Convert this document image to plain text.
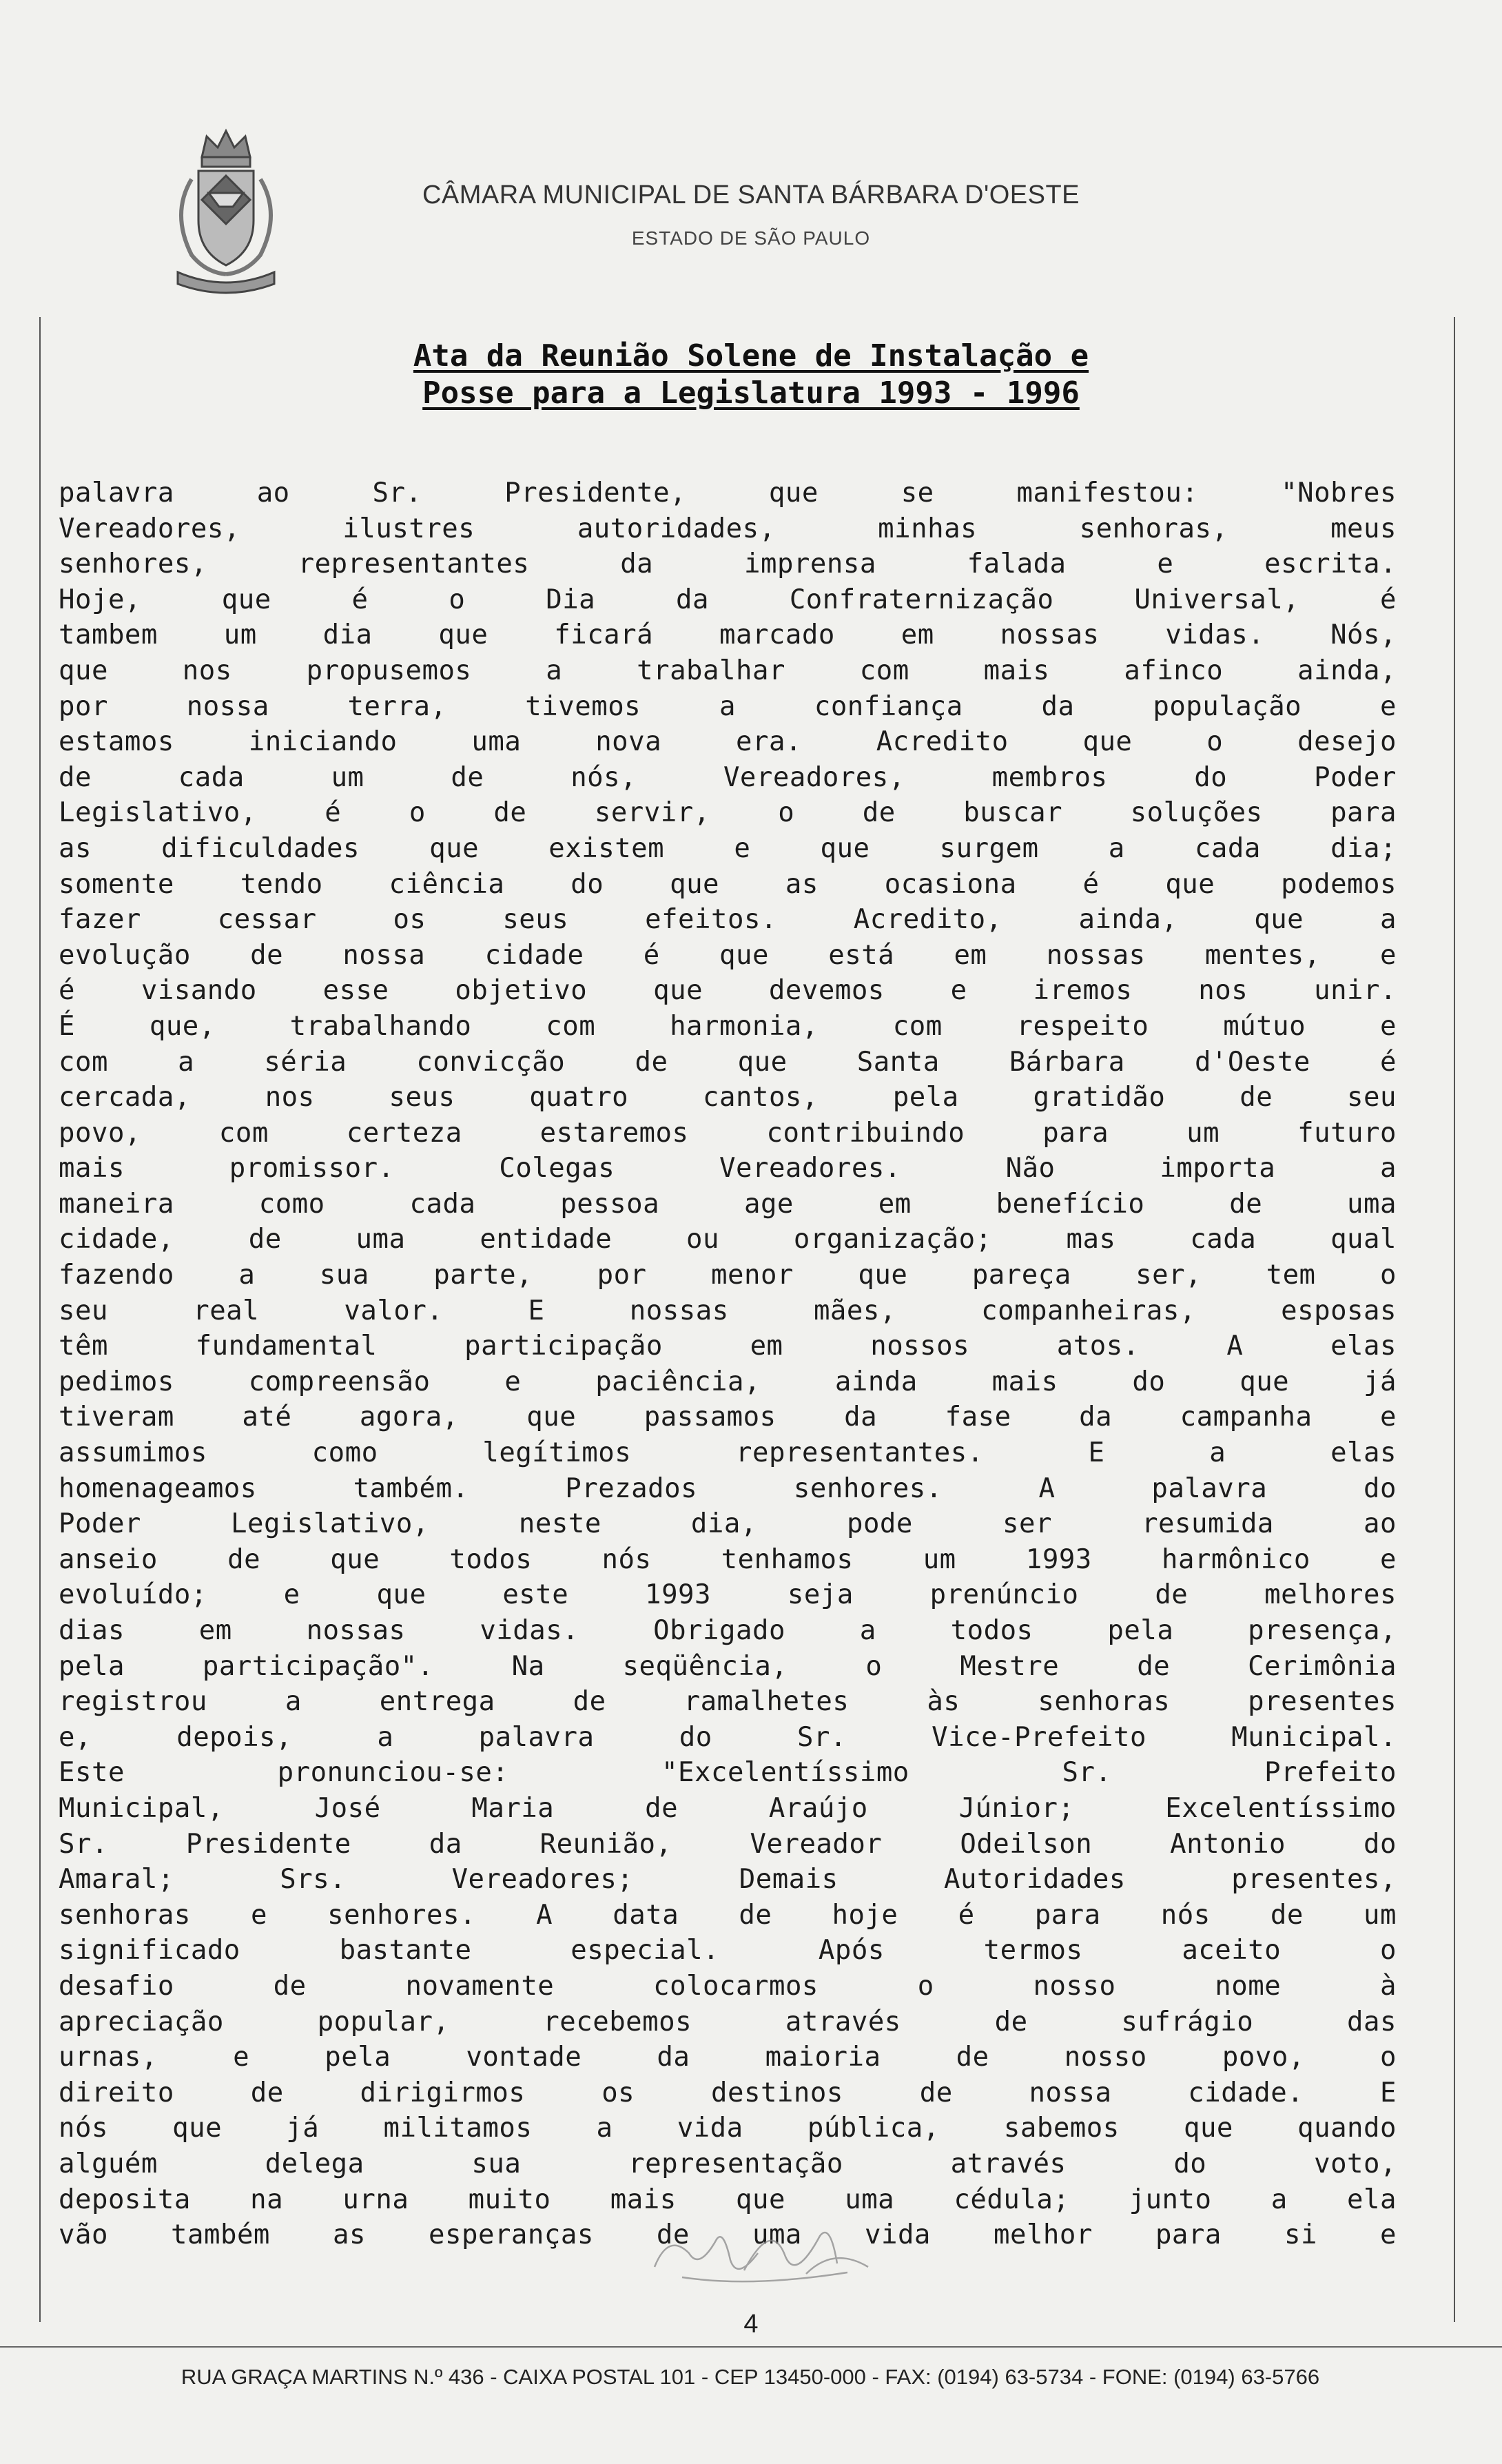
CÂMARA MUNICIPAL DE SANTA BÁRBARA D'OESTE
ESTADO DE SÃO PAULO
Ata da Reunião Solene de Instalação e
Posse para a Legislatura 1993 - 1996
palavra ao Sr. Presidente, que se manifestou: "Nobres
Vereadores, ilustres autoridades, minhas senhoras, meus
senhores, representantes da imprensa falada e escrita.
Hoje, que é o Dia da Confraternização Universal, é
tambem um dia que ficará marcado em nossas vidas. Nós,
que nos propusemos a trabalhar com mais afinco ainda,
por nossa terra, tivemos a confiança da população e
estamos iniciando uma nova era. Acredito que o desejo
de cada um de nós, Vereadores, membros do Poder
Legislativo, é o de servir, o de buscar soluções para
as dificuldades que existem e que surgem a cada dia;
somente tendo ciência do que as ocasiona é que podemos
fazer cessar os seus efeitos. Acredito, ainda, que a
evolução de nossa cidade é que está em nossas mentes, e
é visando esse objetivo que devemos e iremos nos unir.
É que, trabalhando com harmonia, com respeito mútuo e
com a séria convicção de que Santa Bárbara d'Oeste é
cercada, nos seus quatro cantos, pela gratidão de seu
povo, com certeza estaremos contribuindo para um futuro
mais promissor. Colegas Vereadores. Não importa a
maneira como cada pessoa age em benefício de uma
cidade, de uma entidade ou organização; mas cada qual
fazendo a sua parte, por menor que pareça ser, tem o
seu real valor. E nossas mães, companheiras, esposas
têm fundamental participação em nossos atos. A elas
pedimos compreensão e paciência, ainda mais do que já
tiveram até agora, que passamos da fase da campanha e
assumimos como legítimos representantes. E a elas
homenageamos também. Prezados senhores. A palavra do
Poder Legislativo, neste dia, pode ser resumida ao
anseio de que todos nós tenhamos um 1993 harmônico e
evoluído; e que este 1993 seja prenúncio de melhores
dias em nossas vidas. Obrigado a todos pela presença,
pela participação". Na seqüência, o Mestre de Cerimônia
registrou a entrega de ramalhetes às senhoras presentes
e, depois, a palavra do Sr. Vice-Prefeito Municipal.
Este pronunciou-se: "Excelentíssimo Sr. Prefeito
Municipal, José Maria de Araújo Júnior; Excelentíssimo
Sr. Presidente da Reunião, Vereador Odeilson Antonio do
Amaral; Srs. Vereadores; Demais Autoridades presentes,
senhoras e senhores. A data de hoje é para nós de um
significado bastante especial. Após termos aceito o
desafio de novamente colocarmos o nosso nome à
apreciação popular, recebemos através de sufrágio das
urnas, e pela vontade da maioria de nosso povo, o
direito de dirigirmos os destinos de nossa cidade. E
nós que já militamos a vida pública, sabemos que quando
alguém delega sua representação através do voto,
deposita na urna muito mais que uma cédula; junto a ela
vão também as esperanças de uma vida melhor para si e
4
RUA GRAÇA MARTINS N.º 436 - CAIXA POSTAL 101 - CEP 13450-000 - FAX: (0194) 63-5734 - FONE: (0194) 63-5766
